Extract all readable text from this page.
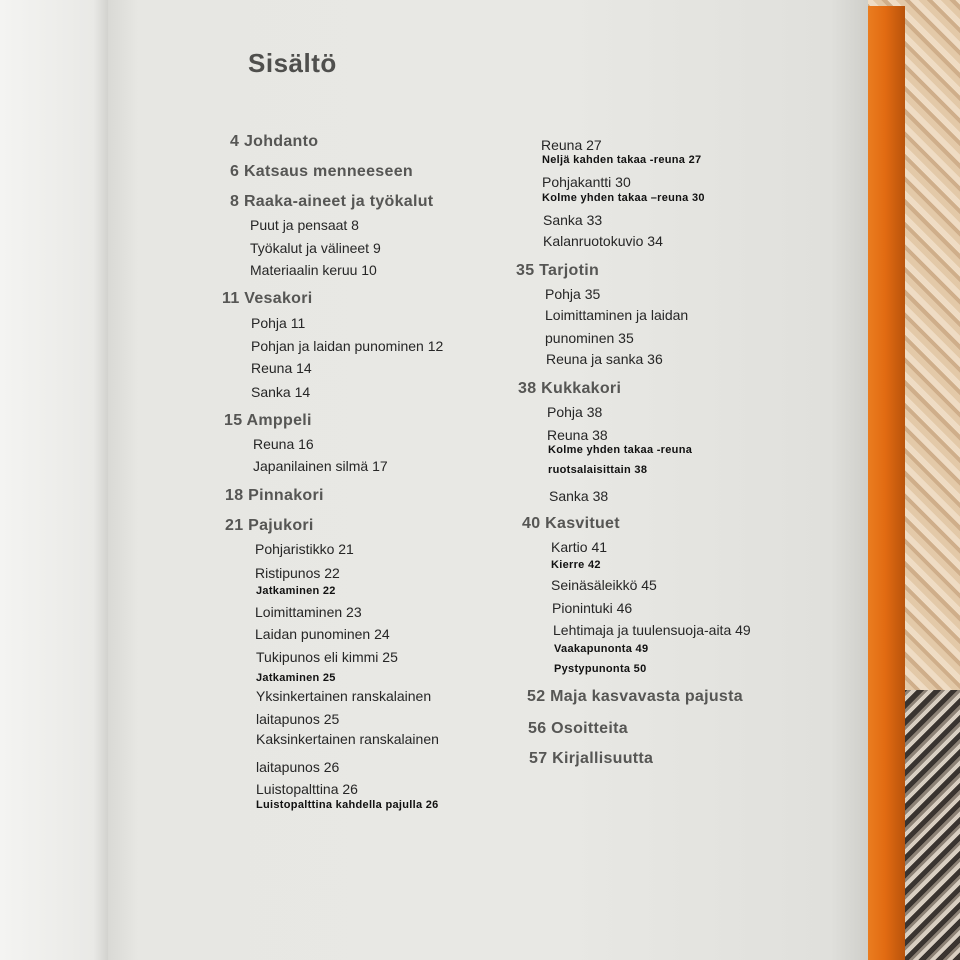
Sisältö
4 Johdanto
6 Katsaus menneeseen
8 Raaka-aineet ja työkalut
Puut ja pensaat 8
Työkalut ja välineet 9
Materiaalin keruu 10
11 Vesakori
Pohja 11
Pohjan ja laidan punominen 12
Reuna 14
Sanka 14
15 Amppeli
Reuna 16
Japanilainen silmä 17
18 Pinnakori
21 Pajukori
Pohjaristikko 21
Ristipunos 22
Jatkaminen 22
Loimittaminen 23
Laidan punominen 24
Tukipunos eli kimmi 25
Jatkaminen 25
Yksinkertainen ranskalainen
laitapunos 25
Kaksinkertainen ranskalainen
laitapunos 26
Luistopalttina 26
Luistopalttina kahdella pajulla 26
Reuna 27
Neljä kahden takaa -reuna 27
Pohjakantti 30
Kolme yhden takaa –reuna 30
Sanka 33
Kalanruotokuvio 34
35 Tarjotin
Pohja 35
Loimittaminen ja laidan
punominen 35
Reuna ja sanka 36
38 Kukkakori
Pohja 38
Reuna 38
Kolme yhden takaa -reuna
ruotsalaisittain 38
Sanka 38
40 Kasvituet
Kartio 41
Kierre 42
Seinäsäleikkö 45
Pionintuki 46
Lehtimaja ja tuulensuoja-aita 49
Vaakapunonta 49
Pystypunonta 50
52 Maja kasvavasta pajusta
56 Osoitteita
57 Kirjallisuutta
